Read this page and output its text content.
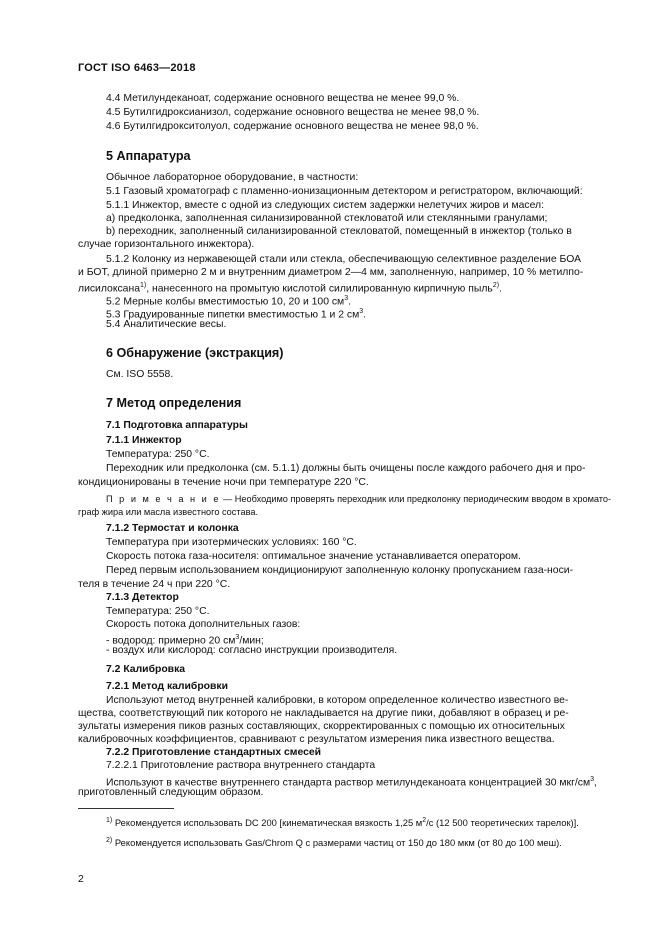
ГОСТ ISO 6463—2018
4.4 Метилундеканоат, содержание основного вещества не менее 99,0 %.
4.5 Бутилгидроксианизол, содержание основного вещества не менее 98,0 %.
4.6 Бутилгидрокситолуол, содержание основного вещества не менее 98,0 %.
5 Аппаратура
Обычное лабораторное оборудование, в частности:
5.1 Газовый хроматограф с пламенно-ионизационным детектором и регистратором, включающий:
5.1.1 Инжектор, вместе с одной из следующих систем задержки нелетучих жиров и масел:
а) предколонка, заполненная силанизированной стекловатой или стеклянными гранулами;
b) переходник, заполненный силанизированной стекловатой, помещенный в инжектор (только в
случае горизонтального инжектора).
5.1.2 Колонку из нержавеющей стали или стекла, обеспечивающую селективное разделение БОА
и БОТ, длиной примерно 2 м и внутренним диаметром 2—4 мм, заполненную, например, 10 % метилпо-
лисилоксана$^{1)}$, нанесенного на промытую кислотой силилированную кирпичную пыль$^{2)}$.
5.2 Мерные колбы вместимостью 10, 20 и 100 $см^3$.
5.3 Градуированные пипетки вместимостью 1 и 2 $см^3$.
5.4 Аналитические весы.
6 Обнаружение (экстракция)
См. ISO 5558.
7 Метод определения
7.1 Подготовка аппаратуры
7.1.1 Инжектор
Температура: 250 °С.
Переходник или предколонка (см. 5.1.1) должны быть очищены после каждого рабочего дня и про-
кондиционированы в течение ночи при температуре 220 °С.
П р и м е ч а н и е — Необходимо проверять переходник или предколонку периодическим вводом в хромато-
граф жира или масла известного состава.
7.1.2 Термостат и колонка
Температура при изотермических условиях: 160 °С.
Скорость потока газа-носителя: оптимальное значение устанавливается оператором.
Перед первым использованием кондиционируют заполненную колонку пропусканием газа-носи-
теля в течение 24 ч при 220 °С.
7.1.3 Детектор
Температура: 250 °С.
Скорость потока дополнительных газов:
- водород: примерно 20 $см^3$/мин;
- воздух или кислород: согласно инструкции производителя.
7.2 Калибровка
7.2.1 Метод калибровки
Используют метод внутренней калибровки, в котором определенное количество известного ве-
щества, соответствующий пик которого не накладывается на другие пики, добавляют в образец и ре-
зультаты измерения пиков разных составляющих, скорректированных с помощью их относительных
калибровочных коэффициентов, сравнивают с результатом измерения пика известного вещества.
7.2.2 Приготовление стандартных смесей
7.2.2.1 Приготовление раствора внутреннего стандарта
Используют в качестве внутреннего стандарта раствор метилундеканоата концентрацией 30 мкг/$см^3$,
приготовленный следующим образом.
$^{1)}$ Рекомендуется использовать DC 200 [кинематическая вязкость 1,25 $м^2/с$ (12 500 теоретических тарелок)].
$^{2)}$ Рекомендуется использовать Gas/Chrom Q с размерами частиц от 150 до 180 мкм (от 80 до 100 меш).
2
